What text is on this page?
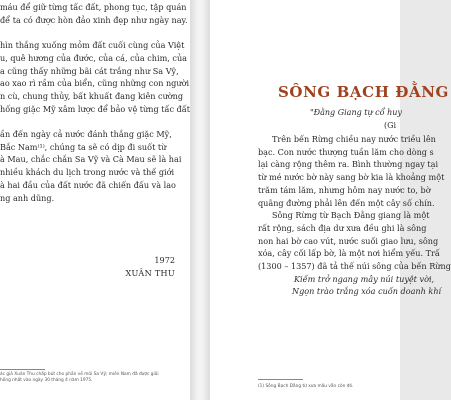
máu để giữ từng tấc đất, phong tục, tập quán
để ta có được hòn đảo xinh đẹp như ngày nay.

hìn thắng xuống mỏm đất cuối cùng của Việt
u, quê hương của đước, của cá, của chim, của
a cũng thấy những bãi cát trắng như Sa Vỹ,
ao xao rì rầm của biển, cũng những con người
n cù, chung thủy, bất khuất đang kiên cường
hống giặc Mỹ xâm lược để bảo vệ từng tấc đất

ần đến ngày cả nước đánh thắng giặc Mỹ,
Bắc Nam⁽¹⁾, chúng ta sẽ có dịp đi suốt từ
à Mau, chắc chắn Sa Vỹ và Cà Mau sẽ là hai
nhiều khách du lịch trong nước và thế giới
à hai đầu của đất nước đã chiến đấu và lao
ng anh dũng.
1972
XUÂN THU
ác giả Xuân Thu chấp bút cho phần về mũi Sa Vỹ; miền Nam đã được giải
hống nhất vào ngày 30 tháng 4 năm 1975.
SÔNG BẠCH ĐẰNG
"Đằng Giang tự cổ huy
(Gi
Trên bến Rừng chiều nay nước triều lên
bạc. Con nước thượng tuần lăm cho dòng s
lại càng rộng thêm ra. Bình thường ngay tại
từ mé nước bờ này sang bờ kia là khoảng một
trăm tám lăm, nhưng hôm nay nước to, bờ
quãng đường phải lên đến một cây số chín.
Sông Rừng từ Bạch Đằng giang là một
rất rộng, sách địa dư xưa đều ghi là sông
non hai bờ cao vút, nước suối giao lưu, sông
xóa, cây cối lấp bờ, là một nơi hiểm yếu. Trấ
(1300 – 1357) đã tả thế núi sông của bến Rừng
Kiếm trở ngang mây núi tuyệt vời,
Ngọn trào trắng xóa cuốn doanh khí
(1) Sông Bạch Đằng từ xưa mấu vẫn còn đó.
